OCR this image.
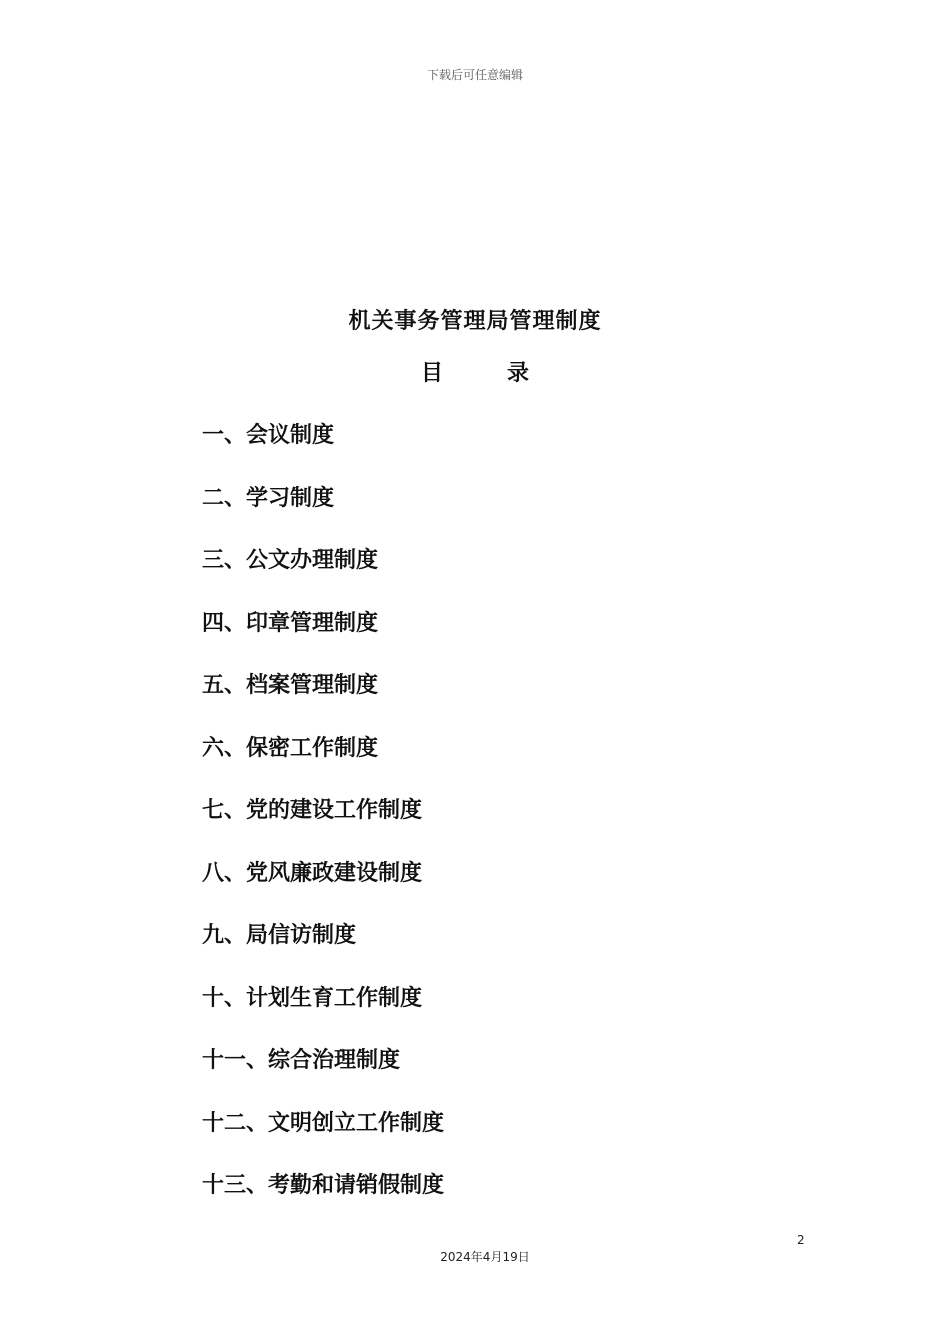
下载后可任意编辑
机关事务管理局管理制度
目	录
一、会议制度
二、学习制度
三、公文办理制度
四、印章管理制度
五、档案管理制度
六、保密工作制度
七、党的建设工作制度
八、党风廉政建设制度
九、局信访制度
十、计划生育工作制度
十一、综合治理制度
十二、文明创立工作制度
十三、考勤和请销假制度
2
2024年4月19日
